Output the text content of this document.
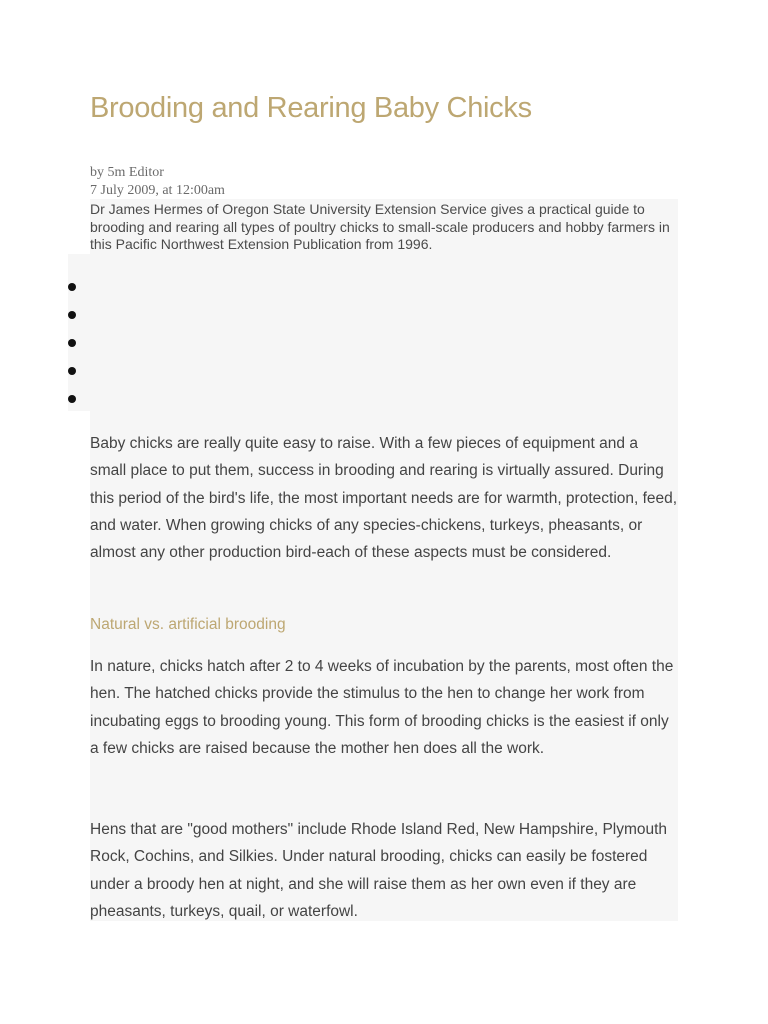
Brooding and Rearing Baby Chicks
by 5m Editor
7 July 2009, at 12:00am

Dr James Hermes of Oregon State University Extension Service gives a practical guide to brooding and rearing all types of poultry chicks to small-scale producers and hobby farmers in this Pacific Northwest Extension Publication from 1996.

Baby chicks are really quite easy to raise. With a few pieces of equipment and a small place to put them, success in brooding and rearing is virtually assured. During this period of the bird's life, the most important needs are for warmth, protection, feed, and water. When growing chicks of any species-chickens, turkeys, pheasants, or almost any other production bird-each of these aspects must be considered.

Natural vs. artificial brooding

In nature, chicks hatch after 2 to 4 weeks of incubation by the parents, most often the hen. The hatched chicks provide the stimulus to the hen to change her work from incubating eggs to brooding young. This form of brooding chicks is the easiest if only a few chicks are raised because the mother hen does all the work.

Hens that are "good mothers" include Rhode Island Red, New Hampshire, Plymouth Rock, Cochins, and Silkies. Under natural brooding, chicks can easily be fostered under a broody hen at night, and she will raise them as her own even if they are pheasants, turkeys, quail, or waterfowl.
